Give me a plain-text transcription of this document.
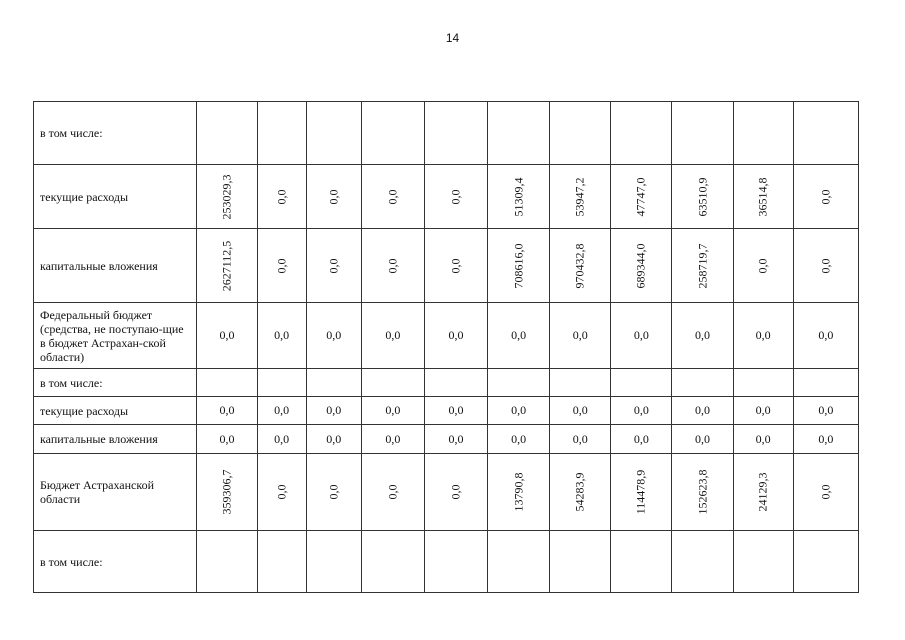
14
в том числе:											
текущие расходы	253029,3	0,0	0,0	0,0	0,0	51309,4	53947,2	47747,0	63510,9	36514,8	0,0

капитальные вложения	2627112,5	0,0	0,0	0,0	0,0	708616,0	970432,8	689344,0	258719,7	0,0	0,0

Федеральный бюджет (средства, не поступаю-щие в бюджет Астрахан-ской области)	0,0	0,0	0,0	0,0	0,0	0,0	0,0	0,0	0,0	0,0	0,0

в том числе:											
текущие расходы	0,0	0,0	0,0	0,0	0,0	0,0	0,0	0,0	0,0	0,0	0,0

капитальные вложения	0,0	0,0	0,0	0,0	0,0	0,0	0,0	0,0	0,0	0,0	0,0

Бюджет Астраханской области	359306,7	0,0	0,0	0,0	0,0	13790,8	54283,9	114478,9	152623,8	24129,3	0,0

в том числе:											
